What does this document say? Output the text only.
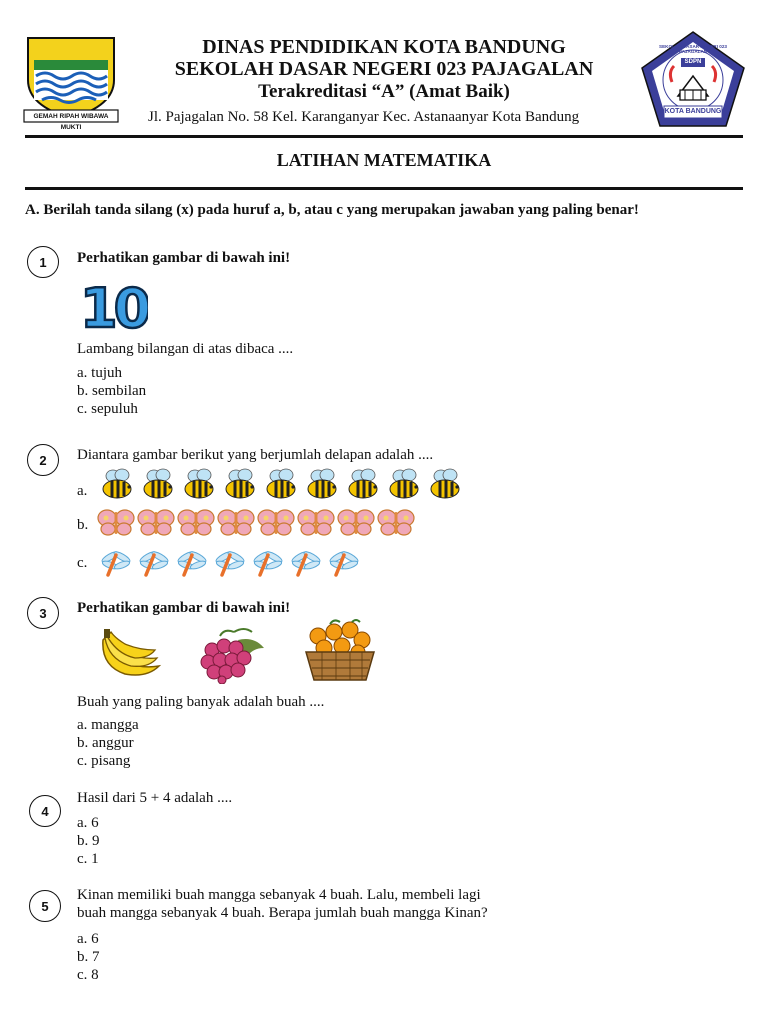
GEMAH RIPAH WIBAWA MUKTI
DINAS PENDIDIKAN KOTA BANDUNG
SEKOLAH DASAR NEGERI 023 PAJAGALAN
Terakreditasi “A” (Amat Baik)
Jl. Pajagalan No. 58 Kel. Karanganyar Kec. Astanaanyar Kota Bandung
SEKOLAH DASAR NEGERI 023 PAJAGALAN
SDPN
KOTA BANDUNG
LATIHAN MATEMATIKA
A. Berilah tanda silang (x) pada huruf a, b, atau c yang merupakan jawaban yang paling benar!
1	Perhatikan gambar di bawah ini!
10
Lambang bilangan di atas dibaca ....
a. tujuh
b. sembilan
c. sepuluh
2	Diantara gambar berikut yang berjumlah delapan adalah ....
a.
b.
c.
3	Perhatikan gambar di bawah ini!
Buah yang paling banyak adalah buah ....
a. mangga
b. anggur
c. pisang
4
Hasil dari 5 + 4 adalah ....
a. 6
b. 9
c. 1
5
Kinan memiliki buah mangga sebanyak 4 buah. Lalu, membeli lagi
buah mangga sebanyak 4 buah. Berapa jumlah buah mangga Kinan?
a. 6
b. 7
c. 8
